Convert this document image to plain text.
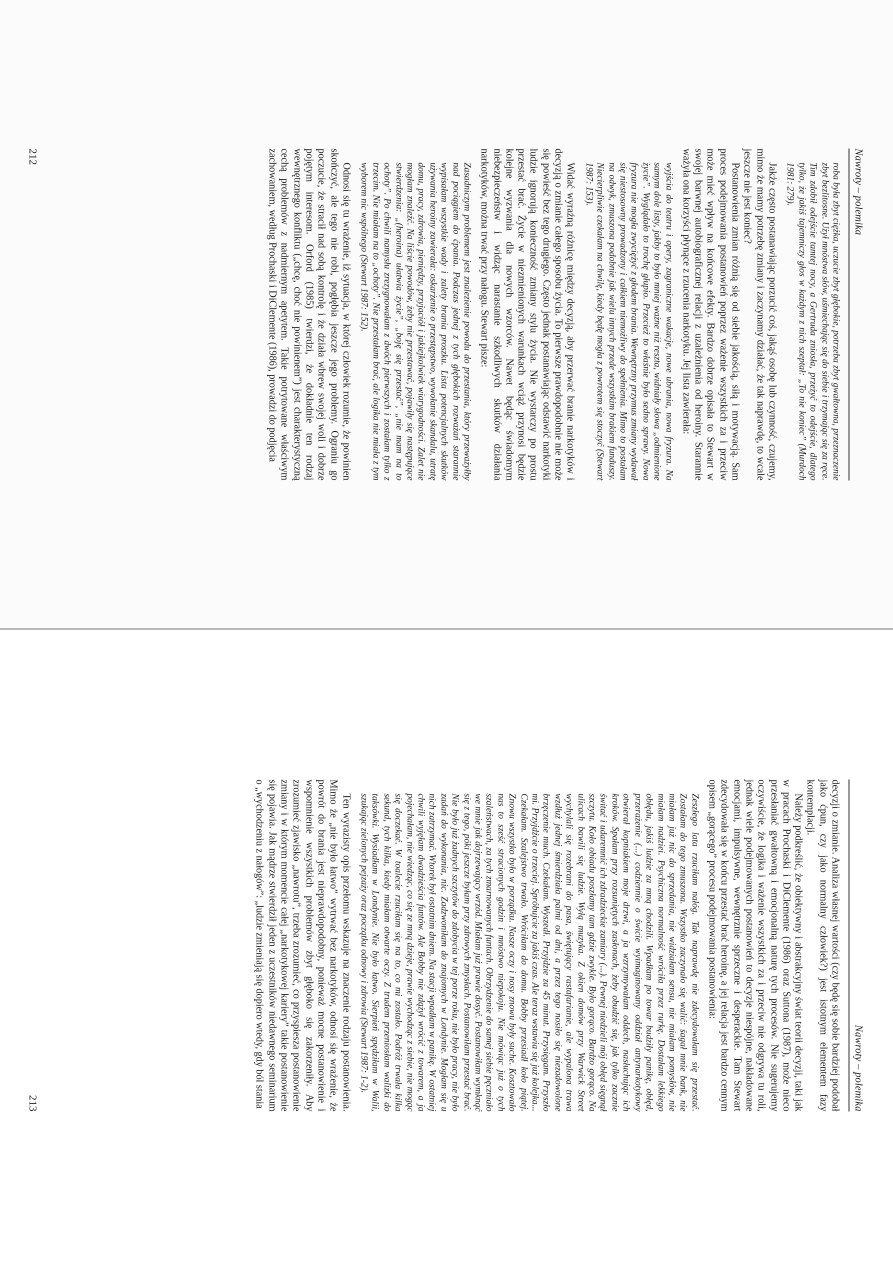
Nawroty – polemika
roba była zbyt ciężka, uczucie zbyt głębokie, potrzeba zbyt gwałtowna, przeznaczenie zbyt bezlitosne. Użył mnóstwa słów, uśmiechając się do siebie i trzymając się za ręce. Tim zdobił odejście tamtej nocy, a Gertruda zniosła, przeżyć to odejście, dlatego tylko, że jakiś tajemniczy głos w każdym z nich szeptał: „To nie koniec” (Murdoch 1981: 279).

Jakże często postanawiając porzucić coś, jakąś osobę lub czynność, czujemy, mimo że mamy potrzebę zmiany i zaczynamy działać, że tak naprawdę, to wcale jeszcze nie jest koniec?

Postanowienia zmian różnią się od siebie jakością, siłą i motywacją. Sam proces podejmowania postanowień poprzez ważenie wszystkich za i przeciw może mieć wpływ na końcowe efekty. Bardzo dobrze opisała to Stewart w swojej barwnej autobiograficznej relacji z uzależnienia od heroiny. Starannie ważyła ona korzyści płynące z rzucenia narkotyku. Jej lista zawierała:

wyjścia do teatru i opery, zagraniczne wakacje, nowe ubrania, nowa fryzura. Na samym dole listy, jakby to było mniej ważne niż reszta, widniały słowa „odmienione życie”. Wyglądało to trochę głupio. Przecież to właśnie było sedno sprawy. Nowa fryzura nie mogła zwyciężyć z głodem brania. Wewnętrzny przymus zmiany wydawał się niestosowny prowadzony i całkiem niemożliwy do spełnienia. Mimo to postałam na odwyk, zmuszona podobnie jak wielu innych przede wszystkim brakiem funduszy. Niecierpliwie czekałam na chwilę, kiedy będę mogła z powrotem się stoczyć (Stewart 1987: 153).

Widać wyraźną różnicę między decyzją, aby przerwać branie narkotyków i decyzją o zmianie całego sposobu życia. To pierwsze prawdopodobnie nie może się powieść bez tego drugiego. Często jednak postanawiając odstawić narkotyki ludzie ignorują konieczność zmiany stylu życia. Nie wystarczy po prostu przestać brać. Życie w niezmienionych warunkach wciąż przynosi będzie kolejne wyzwania dla nowych wzorców. Nawet będąc świadomym niebezpieczeństw i widząc narastanie szkodliwych skutków działania narkotyków, można trwać przy nałogu. Stewart pisze:

Zasadniczym problemem jest znalezienie powodu do przestania, który przeważyłby nad pociągiem do ćpania. Podczas jednej z tych głębokich rozważań starannie wypisałam wszystkie wady i zalety brania proszku. Lista potencjalnych skutków używania heroiny zawierała: oskarżenie o przestępstwo, wywołanie skandalu, utratę domu, pracy, zdrowia, pieniędzy, przyjaciół i jakiejkolwiek wiarygodności. Zalet nie mogłam znaleźć. Na liście powodów, żeby nie przestawać, pojawiły się następujące stwierdzenia: „(heroina) ułatwia życie”, „boję się przestać”, „nie mam na to ochoty”. Po chwili namysłu zrezygnowałam z dwóch pierwszych i zostałam tylko z trzecim. Nie miałam na to „ochoty”. Nie przestałam brać, ale logika nie miała z tym wyborem nic wspólnego (Stewart 1987: 152).

Odnosi się tu wrażenie, iż sytuacja, w której człowiek rozumie, że powinien skończyć, ale tego nie robi, pogłębia jeszcze jego problemy. Ograniu go poczucie, że stracił nad sobą kontrolę i że działa wbrew swojej woli i dobrze pojętym interesom. Orford (1985) twierdzi, że dokładnie ten rodzaj wewnętrznego konfliktu („chcę, choć nie powinienem”) jest charakterystyczną cechą problemów z nadmiernym apetytem. Takie potrytowane właściwym zachowaniem, według Prochaski i DiClemente (1986), prowadzi do podjęcia

212
Nawroty – polemika

decyzji o zmianie. Analiza własnej wartości (czy będę się sobie bardziej podobał jako ćpun, czy jako normalny człowiek?) jest istotnym elementem fazy kontemplacji.

Należy podkreślić, że obiektywny i abstrakcyjny świat teorii decyzji, taki jak w pracach Prochaski i DiClemente (1986) oraz Suttona (1987), może nieco przesłaniać gwałtowną i emocjonalną naturę tych procesów. Nie sugerujemy oczywiście, że logika i ważenie wszystkich za i przeciw nie odgrywa tu roli, jednak wiele podejmowanych postanowień to decyzje niespójne, nakładowane emocjami, impulsywne, wewnętrznie sprzeczne i desperackie. Tam Stewart zdecydowała się w końcu przestać brać heroinę, a jej relacja jest bardzo cennym opisem „gorącego” procesu podejmowania postanowienia:

Zeszłego lata rzuciłam nałóg. Tak naprawdę nie zdecydowałam się przestać. Zostałam do tego zmuszona. Wszystko zaczynało się walić: śagał mnie bank, nie miałam już nic do sprzedania, nie widziałam sensu, nie miałam pomysłów, nie miałam nadziei. Psychiczna normalność wróciła przez rurkę. Dostałam lekkiego obłędu, jakiś ludzie za mną chodzili. Wpadłam po towar budziły panikę, obłęd, przerażenie (...) codziennie o świcie wyimaginowany oddział antynarkotykowy otwierał kopniakiem moje drzwi, a ja wzrzymywałam oddech, nasłuchując ich kroków. Spałam przy rozsuniętych zasłonach, żeby obudzić się, jak tylko zacznie świtać i udaremnić ich zdradzieckie zamiary (...). Pewnej niedzieli mój obłęd sięgnął szczytu. Koło obiadu poszłamy tam gdzie zwykle. Było gorąco. Bardzo gorąco. Na ulicach bawili się ludzie. Wyłą muzyka. Z okien domów przy Warwick Street wychylali się rozebrani do pasa, świętujący rastafarianie, ale wypalona trawa wzdłuż jednej śmierdziała palmi od dni, a przez tego nosiło się niezadowolone brzęczenie much. Czekałam. Wyszedł. Przyjdzie za 45 minut. Przysięgam. Przyszło mi. Przyjdźcie o trzeciej. Spróbujcie za jakiś czas. Ale teraz wstawia się już kolejka... Czekałam. Szalejstwo trwało. Wróciłam do domu. Bobby przesiadł koło piątej. Znowu wszystko było w porządku. Nasze oczy i nosy znowu były suche. Kosztowało nas to sześć stracionych godzin i mnóstwo niepokoju. Nie mówiąc już o tych szaleństwach, za tych zmarnowanych funtach. Obrzydzenie do samej siebie pęczniało we mnie jak dojrzewający wrzód. Miałam już prawie dosyć. Postanowiłam wymknąć się z tego, póki jeszcze byłam przy zdrowych zmysłach. Postanowiłam przestać brać. Nie było już żadnych szczytów do zdobycia w tej porze roku, nie było pracy, nie było zadań do wykonania, nic. Zadzwoniłam do znajomych w Londynie. Mogłam się u nich zatrzymać. Wtorek był ostatnim dniem. Na stacji wpadłam w panikę. W ostatniej chwili wyjęłam dwadzieścia funtów. Ale Bobby nie zdążył wrócić z towarem, a ja pojechałam, nie wiedząc, co się ze mną dzieje, prawie wychodząc z siebie, nie mogąc się doczekać. W toalecie rzuciłam się na to, co mi zostało. Podróż trwała kilka sekund, tych kilka, kiedy miałam otwarte oczy. Z trudem przeniosłam walizki do taksówki. Wysiadłam w Londynie. Nie było łatwo. Sierpień spędziłam w Walii, szukając zielonych pejzaży oraz początku odnowy i zdrowia (Stewart 1987: 1-2).

Ten wyrazisty opis przełomu wskazuje na znaczenie rodzaju postanowienia. Mimo że „nie było łatwo” wytrwać bez narkotyków, odnosi się wrażenie, że powrót do brania jest nieprawdopodobny, ponieważ mocne postanowienie i wspomnienie wszystkich problemów zbyt głęboko się zakorzeniły. Aby zrozumieć zjawisko „nawrotu”, trzeba zrozumieć, co przyspiesza postanowienie zmiany i w którym momencie całej „narkotykowej kariery” takie postanowienie się pojawia. Jak mądrze stwierdził jeden z uczestników niedawnego seminarium o „wychodzeniu z nałogów”: „ludzie zmieniają się dopiero wtedy, gdy ból stania

213
